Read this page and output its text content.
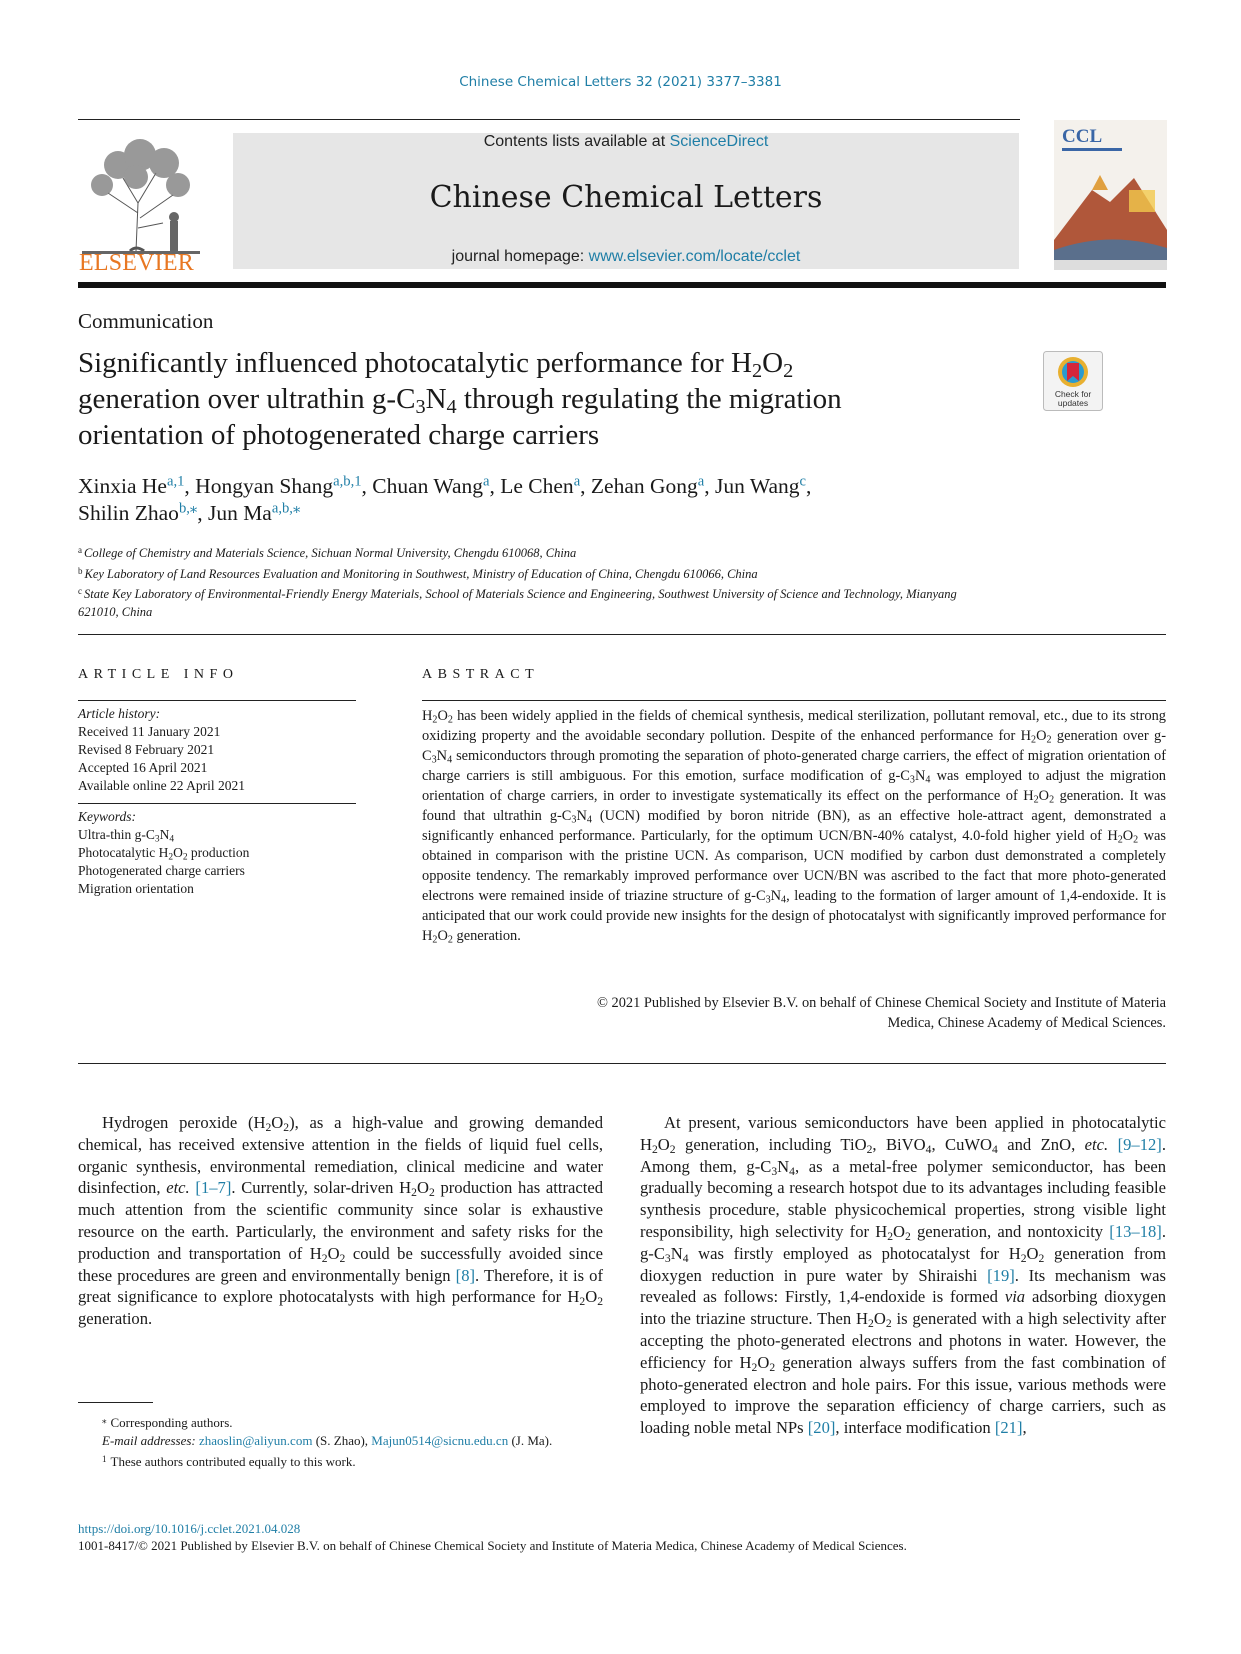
Chinese Chemical Letters 32 (2021) 3377–3381
ELSEVIER
Contents lists available at ScienceDirect
Chinese Chemical Letters
journal homepage: www.elsevier.com/locate/cclet
CCL
Communication
Significantly influenced photocatalytic performance for $H_2O_2$
generation over ultrathin $g-C_3N_4$ through regulating the migration
orientation of photogenerated charge carriers
Check for updates
Xinxia He$^{a,1}$, Hongyan Shang$^{a,b,1}$, Chuan Wang$^a$, Le Chen$^a$, Zehan Gong$^a$, Jun Wang$^c$,
Shilin Zhao$^{b,⁎}$, Jun Ma$^{a,b,⁎}$
$^a$ College of Chemistry and Materials Science, Sichuan Normal University, Chengdu 610068, China
$^b$ Key Laboratory of Land Resources Evaluation and Monitoring in Southwest, Ministry of Education of China, Chengdu 610066, China
$^c$ State Key Laboratory of Environmental-Friendly Energy Materials, School of Materials Science and Engineering, Southwest University of Science and Technology, Mianyang 621010, China
ARTICLE INFO	ABSTRACT
Article history:
Received 11 January 2021
Revised 8 February 2021
Accepted 16 April 2021
Available online 22 April 2021
Keywords:
Ultra-thin $g-C_3N_4$
Photocatalytic $H_2O_2$ production
Photogenerated charge carriers
Migration orientation
$H_2O_2$ has been widely applied in the fields of chemical synthesis, medical sterilization, pollutant removal, etc., due to its strong oxidizing property and the avoidable secondary pollution. Despite of the enhanced performance for $H_2O_2$ generation over $g-C_3N_4$ semiconductors through promoting the separation of photo-generated charge carriers, the effect of migration orientation of charge carriers is still ambiguous. For this emotion, surface modification of $g-C_3N_4$ was employed to adjust the migration orientation of charge carriers, in order to investigate systematically its effect on the performance of $H_2O_2$ generation. It was found that ultrathin $g-C_3N_4$ (UCN) modified by boron nitride (BN), as an effective hole-attract agent, demonstrated a significantly enhanced performance. Particularly, for the optimum UCN/BN-40% catalyst, 4.0-fold higher yield of $H_2O_2$ was obtained in comparison with the pristine UCN. As comparison, UCN modified by carbon dust demonstrated a completely opposite tendency. The remarkably improved performance over UCN/BN was ascribed to the fact that more photo-generated electrons were remained inside of triazine structure of $g-C_3N_4$, leading to the formation of larger amount of 1,4-endoxide. It is anticipated that our work could provide new insights for the design of photocatalyst with significantly improved performance for $H_2O_2$ generation.
© 2021 Published by Elsevier B.V. on behalf of Chinese Chemical Society and Institute of Materia
Medica, Chinese Academy of Medical Sciences.
Hydrogen peroxide $(H_2O_2)$, as a high-value and growing demanded chemical, has received extensive attention in the fields of liquid fuel cells, organic synthesis, environmental remediation, clinical medicine and water disinfection, etc. [1–7]. Currently, solar-driven $H_2O_2$ production has attracted much attention from the scientific community since solar is exhaustive resource on the earth. Particularly, the environment and safety risks for the production and transportation of $H_2O_2$ could be successfully avoided since these procedures are green and environmentally benign [8]. Therefore, it is of great significance to explore photocatalysts with high performance for $H_2O_2$ generation.
At present, various semiconductors have been applied in photocatalytic $H_2O_2$ generation, including TiO$_2$, BiVO$_4$, CuWO$_4$ and ZnO, etc. [9–12]. Among them, $g-C_3N_4$, as a metal-free polymer semiconductor, has been gradually becoming a research hotspot due to its advantages including feasible synthesis procedure, stable physicochemical properties, strong visible light responsibility, high selectivity for $H_2O_2$ generation, and nontoxicity [13–18]. $g-C_3N_4$ was firstly employed as photocatalyst for $H_2O_2$ generation from dioxygen reduction in pure water by Shiraishi [19]. Its mechanism was revealed as follows: Firstly, 1,4-endoxide is formed via adsorbing dioxygen into the triazine structure. Then $H_2O_2$ is generated with a high selectivity after accepting the photo-generated electrons and photons in water. However, the efficiency for $H_2O_2$ generation always suffers from the fast combination of photo-generated electron and hole pairs. For this issue, various methods were employed to improve the separation efficiency of charge carriers, such as loading noble metal NPs [20], interface modification [21],

⁎ Corresponding authors.

E-mail addresses: zhaoslin@aliyun.com (S. Zhao), Majun0514@sicnu.edu.cn (J. Ma).

$^1$ These authors contributed equally to this work.

https://doi.org/10.1016/j.cclet.2021.04.028
1001-8417/© 2021 Published by Elsevier B.V. on behalf of Chinese Chemical Society and Institute of Materia Medica, Chinese Academy of Medical Sciences.
